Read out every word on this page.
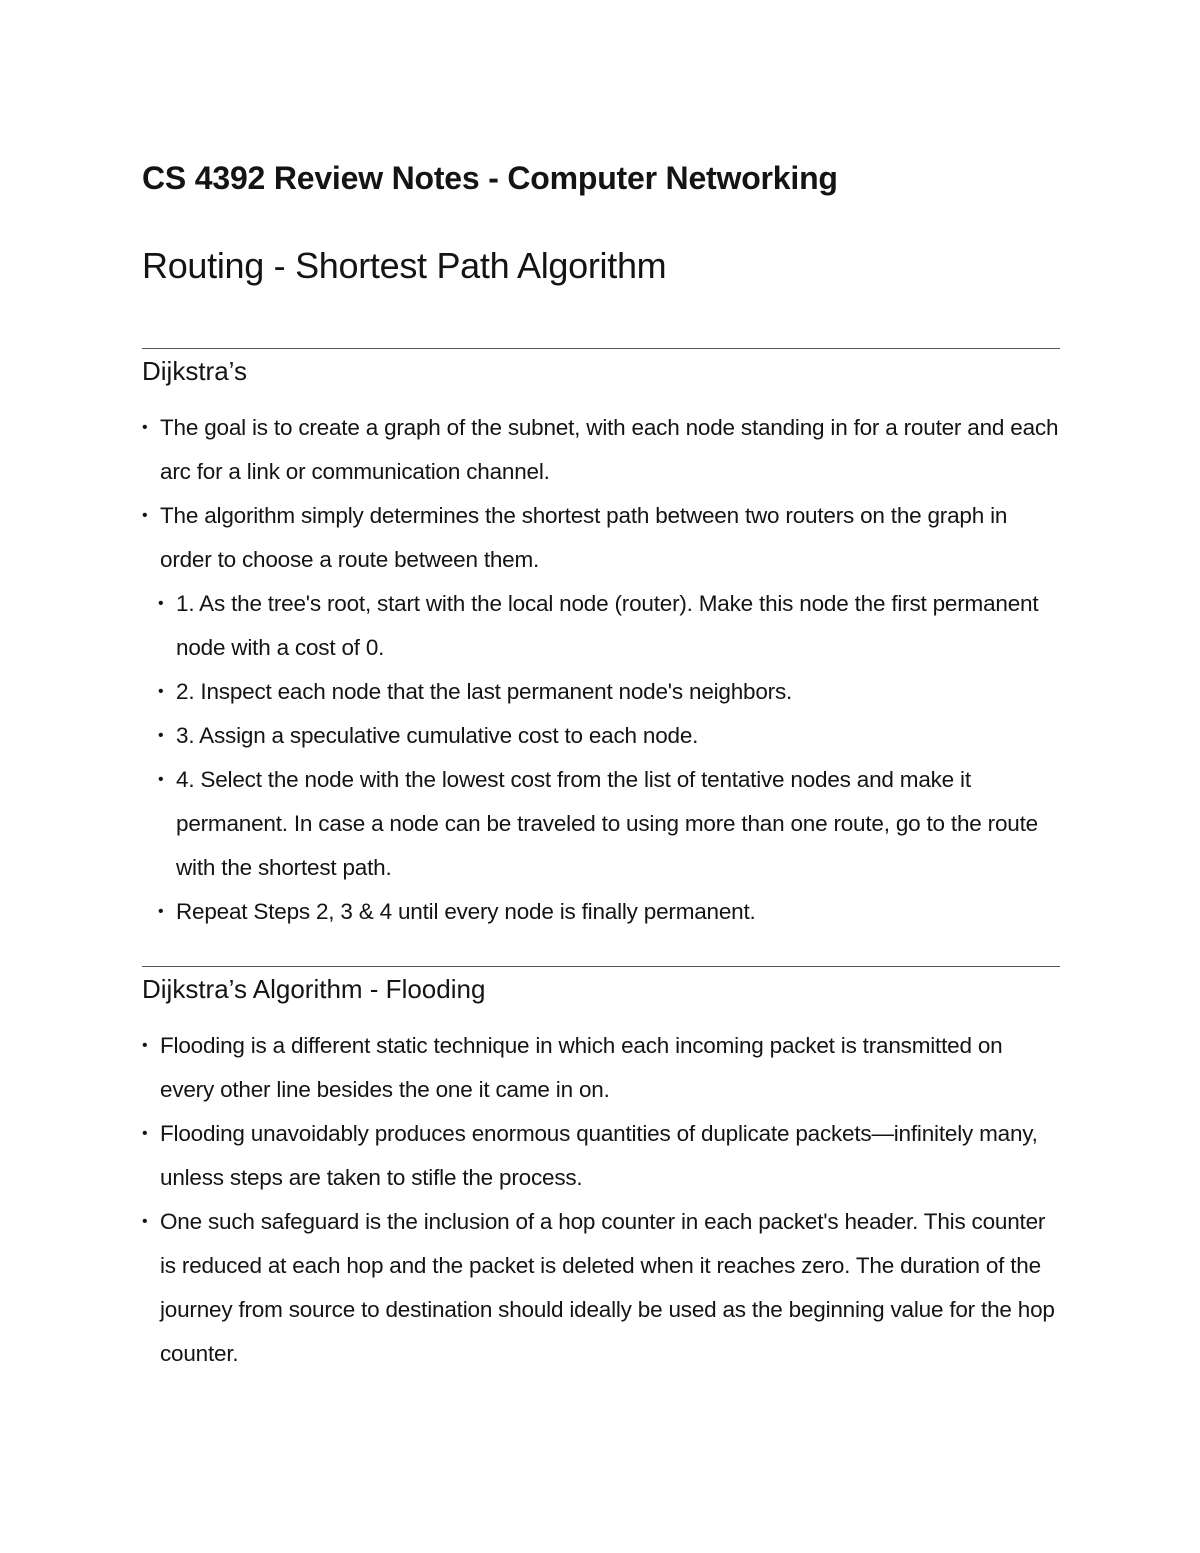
CS 4392 Review Notes - Computer Networking
Routing - Shortest Path Algorithm
Dijkstra’s
• The goal is to create a graph of the subnet, with each node standing in for a router and each arc for a link or communication channel.
• The algorithm simply determines the shortest path between two routers on the graph in order to choose a route between them.
• 1. As the tree's root, start with the local node (router). Make this node the first permanent node with a cost of 0.
• 2. Inspect each node that the last permanent node's neighbors.
• 3. Assign a speculative cumulative cost to each node.
• 4. Select the node with the lowest cost from the list of tentative nodes and make it permanent. In case a node can be traveled to using more than one route, go to the route with the shortest path.
• Repeat Steps 2, 3 & 4 until every node is finally permanent.
Dijkstra’s Algorithm - Flooding
• Flooding is a different static technique in which each incoming packet is transmitted on every other line besides the one it came in on.
• Flooding unavoidably produces enormous quantities of duplicate packets—infinitely many, unless steps are taken to stifle the process.
• One such safeguard is the inclusion of a hop counter in each packet's header. This counter is reduced at each hop and the packet is deleted when it reaches zero. The duration of the journey from source to destination should ideally be used as the beginning value for the hop counter.
